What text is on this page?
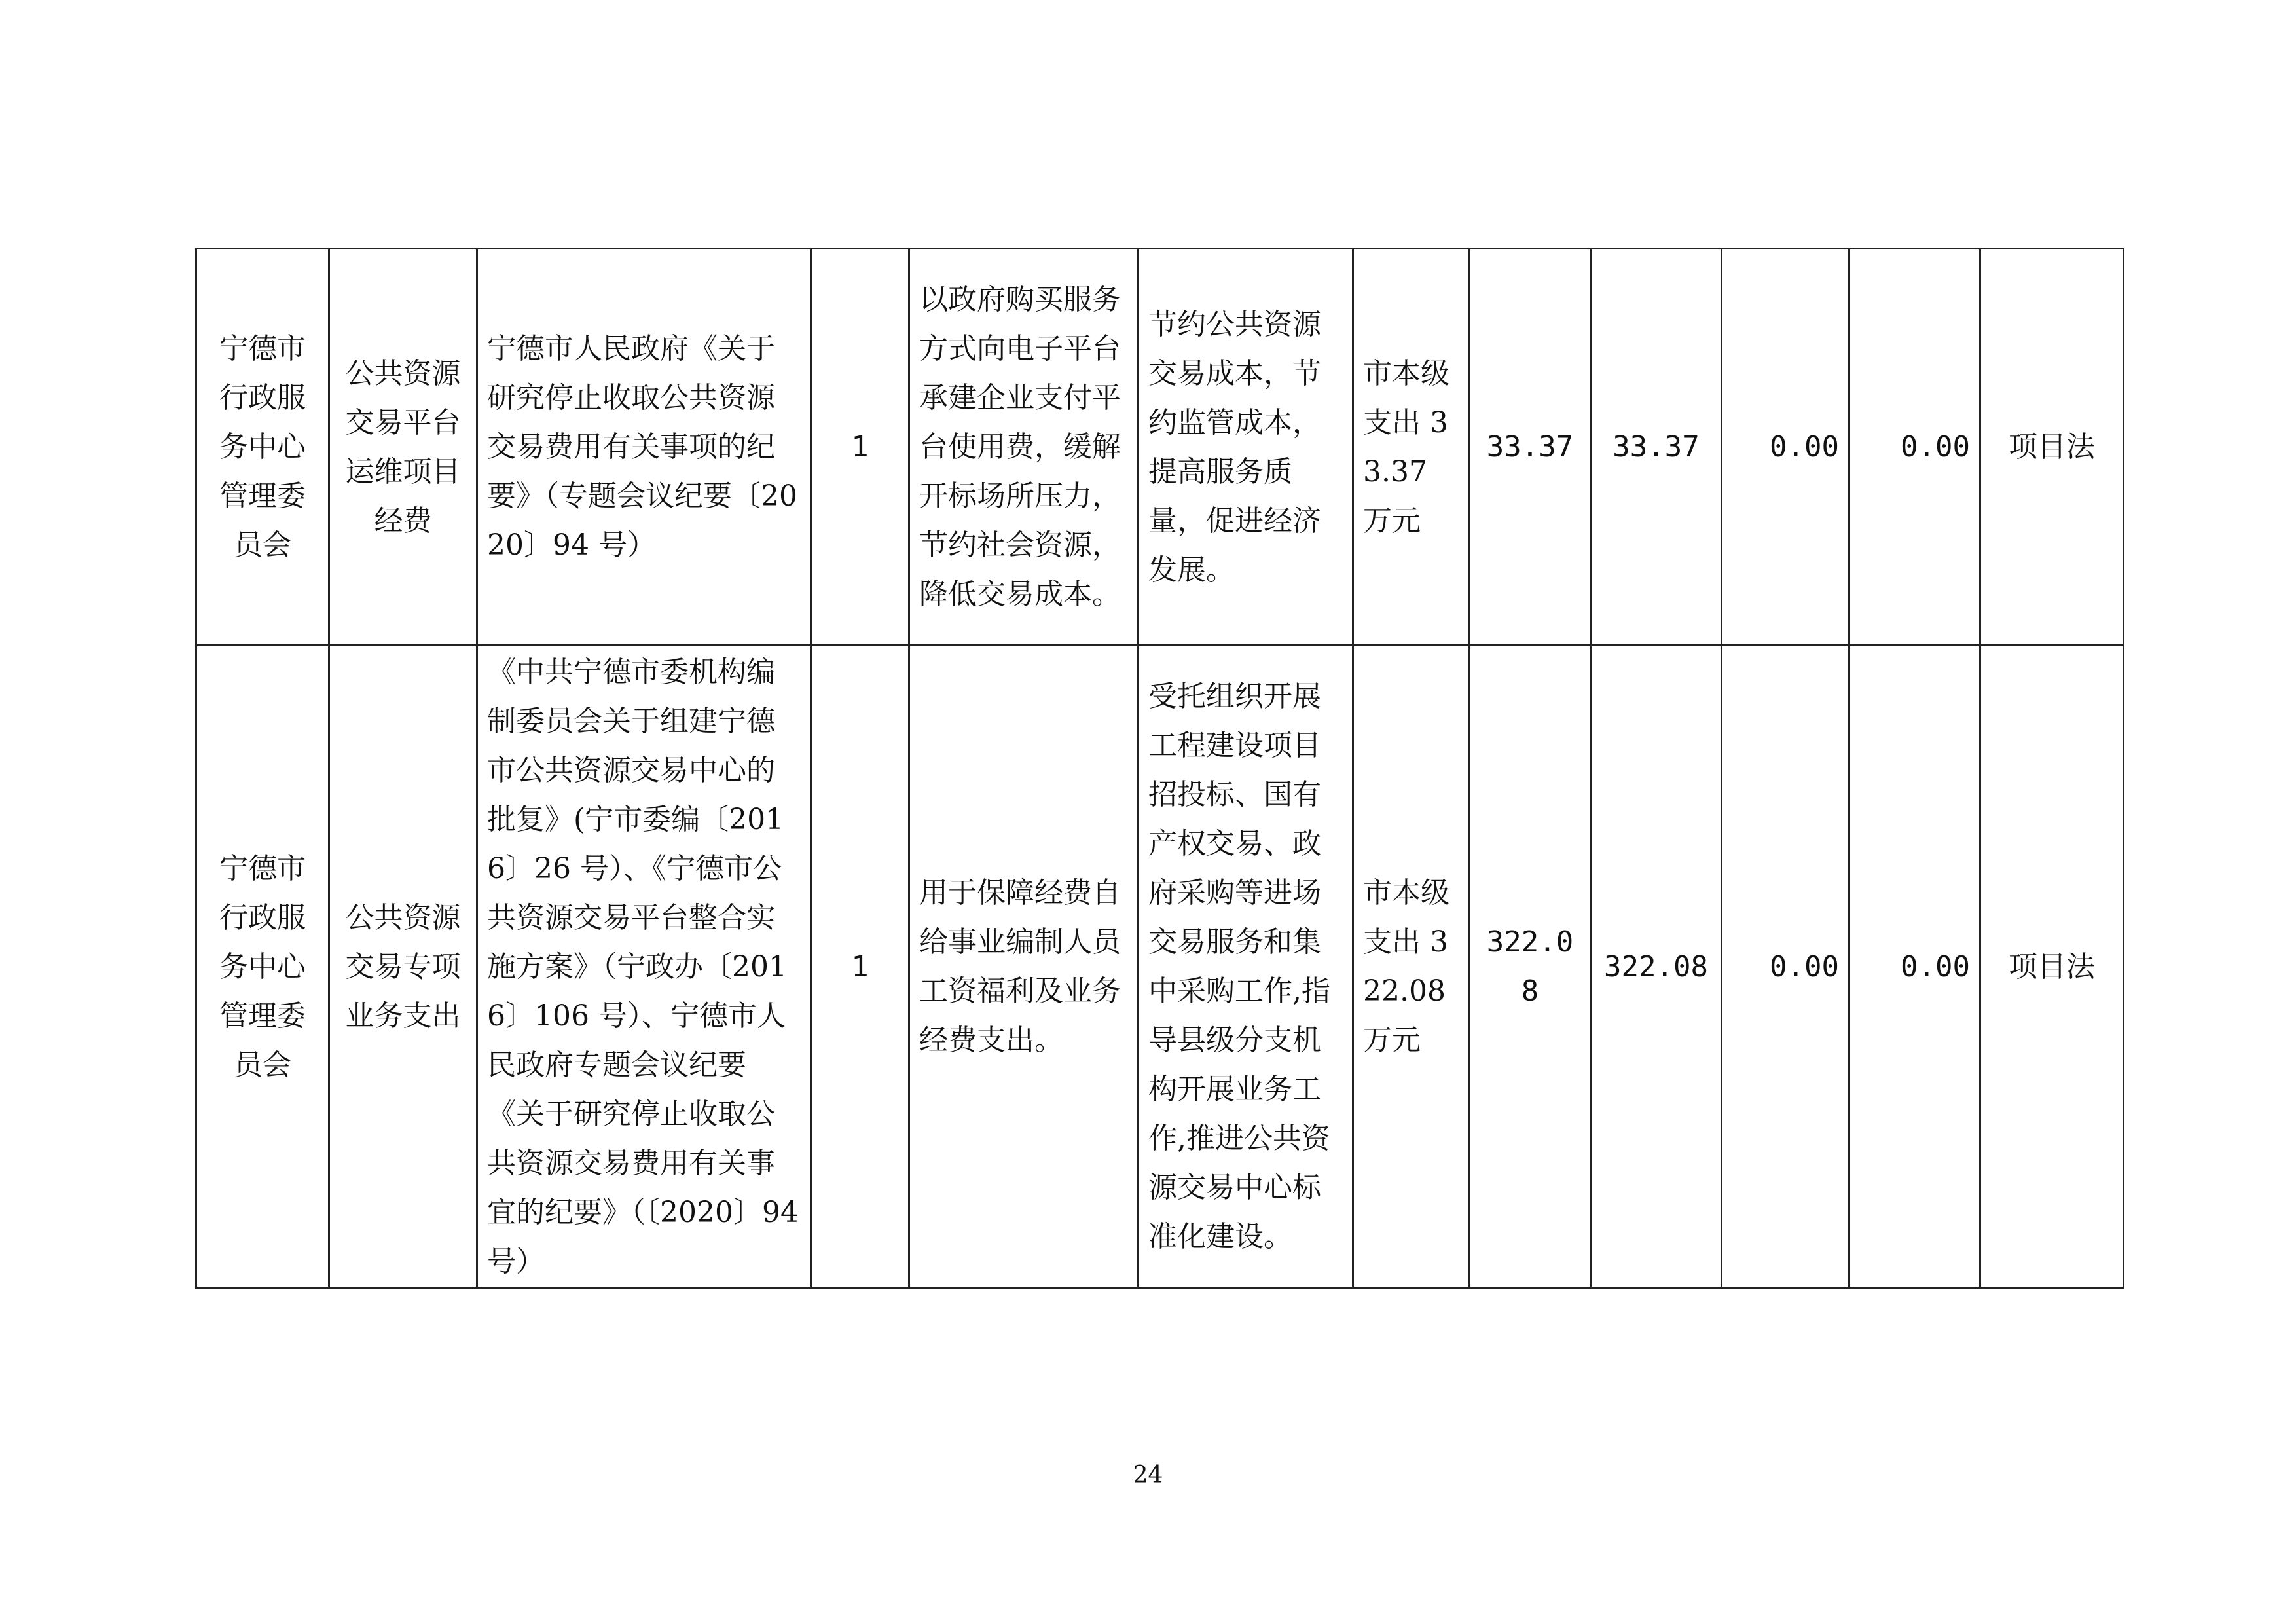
宁德市行政服务中心管理委员会	公共资源交易平台运维项目经费	宁德市人民政府《关于研究停止收取公共资源交易费用有关事项的纪要》（专题会议纪要〔2020〕94 号）	1	以政府购买服务方式向电子平台承建企业支付平台使用费，缓解开标场所压力，节约社会资源，降低交易成本。	节约公共资源交易成本，节约监管成本，提高服务质量，促进经济发展。	市本级支出 33.37 万元	33.37	33.37	0.00	0.00	项目法
宁德市行政服务中心管理委员会	公共资源交易专项业务支出	《中共宁德市委机构编制委员会关于组建宁德市公共资源交易中心的批复》(宁市委编〔2016〕26 号）、《宁德市公共资源交易平台整合实施方案》（宁政办〔2016〕106 号）、宁德市人民政府专题会议纪要《关于研究停止收取公共资源交易费用有关事宜的纪要》（〔2020〕94 号）	1	用于保障经费自给事业编制人员工资福利及业务经费支出。	受托组织开展工程建设项目招投标、国有产权交易、政府采购等进场交易服务和集中采购工作,指导县级分支机构开展业务工作,推进公共资源交易中心标准化建设。	市本级支出 322.08 万元	322.08	322.08	0.00	0.00	项目法
24
